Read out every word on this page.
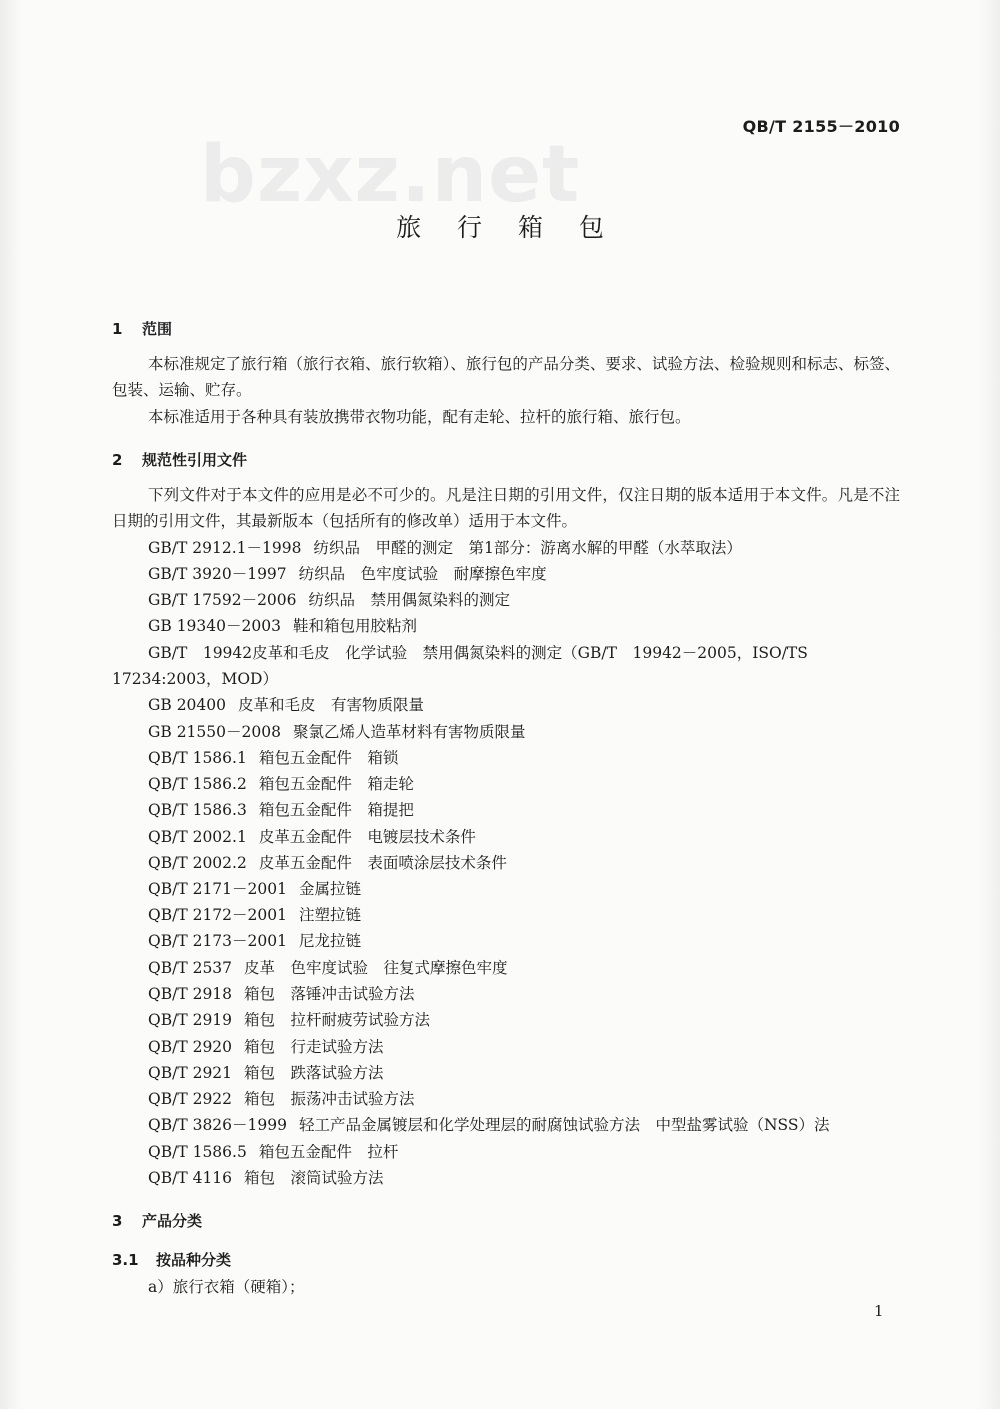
QB/T 2155－2010
bzxz.net
旅 行 箱 包
1 范围
本标准规定了旅行箱（旅行衣箱、旅行软箱）、旅行包的产品分类、要求、试验方法、检验规则和标志、标签、包装、运输、贮存。
本标准适用于各种具有装放携带衣物功能，配有走轮、拉杆的旅行箱、旅行包。
2 规范性引用文件
下列文件对于本文件的应用是必不可少的。凡是注日期的引用文件，仅注日期的版本适用于本文件。凡是不注日期的引用文件，其最新版本（包括所有的修改单）适用于本文件。
GB/T 2912.1－1998 纺织品　甲醛的测定　第1部分：游离水解的甲醛（水萃取法）
GB/T 3920－1997 纺织品　色牢度试验　耐摩擦色牢度
GB/T 17592－2006 纺织品　禁用偶氮染料的测定
GB 19340－2003 鞋和箱包用胶粘剂
GB/T　19942皮革和毛皮　化学试验　禁用偶氮染料的测定（GB/T　19942－2005，ISO/TS 17234:2003，MOD）
GB 20400 皮革和毛皮　有害物质限量
GB 21550－2008 聚氯乙烯人造革材料有害物质限量
QB/T 1586.1 箱包五金配件　箱锁
QB/T 1586.2 箱包五金配件　箱走轮
QB/T 1586.3 箱包五金配件　箱提把
QB/T 2002.1 皮革五金配件　电镀层技术条件
QB/T 2002.2 皮革五金配件　表面喷涂层技术条件
QB/T 2171－2001 金属拉链
QB/T 2172－2001 注塑拉链
QB/T 2173－2001 尼龙拉链
QB/T 2537 皮革　色牢度试验　往复式摩擦色牢度
QB/T 2918 箱包　落锤冲击试验方法
QB/T 2919 箱包　拉杆耐疲劳试验方法
QB/T 2920 箱包　行走试验方法
QB/T 2921 箱包　跌落试验方法
QB/T 2922 箱包　振荡冲击试验方法
QB/T 3826－1999 轻工产品金属镀层和化学处理层的耐腐蚀试验方法　中型盐雾试验（NSS）法
QB/T 1586.5 箱包五金配件　拉杆
QB/T 4116 箱包　滚筒试验方法
3 产品分类
3.1 按品种分类
a）旅行衣箱（硬箱）；
1
